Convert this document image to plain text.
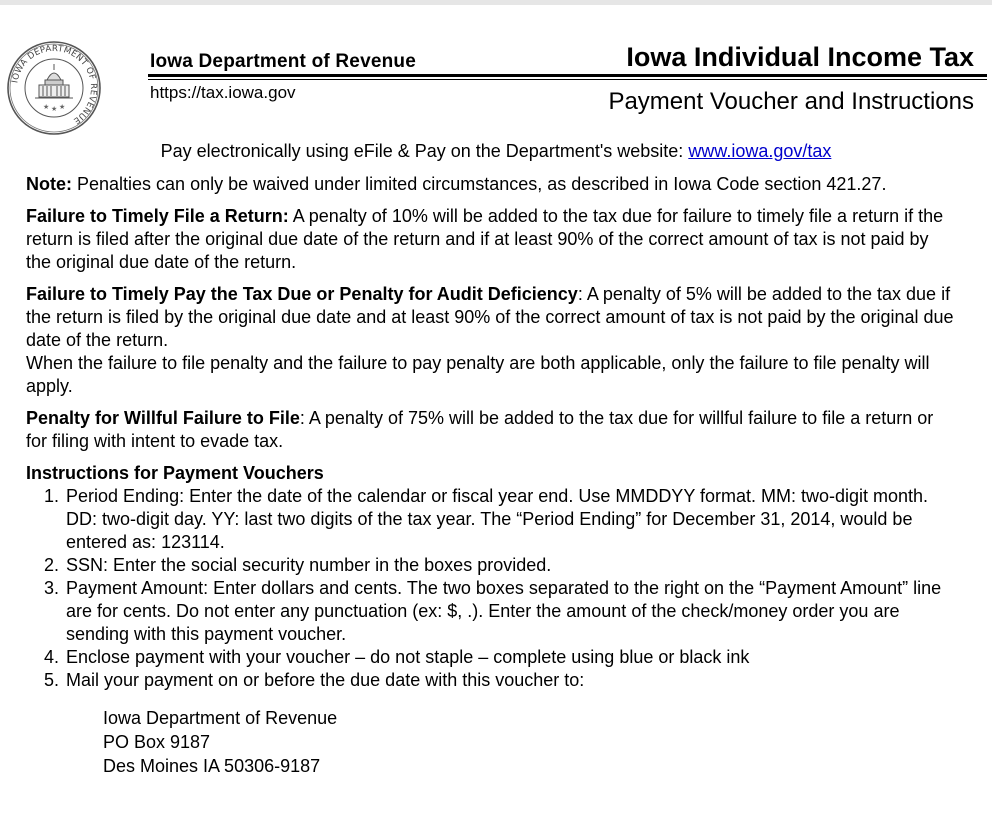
IOWA DEPARTMENT OF REVENUE
★ ★ ★
Iowa Department of Revenue
https://tax.iowa.gov
Iowa Individual Income Tax
Payment Voucher and Instructions
Pay electronically using eFile & Pay on the Department's website: www.iowa.gov/tax

Note: Penalties can only be waived under limited circumstances, as described in Iowa Code section 421.27.

Failure to Timely File a Return: A penalty of 10% will be added to the tax due for failure to timely file a return if the return is filed after the original due date of the return and if at least 90% of the correct amount of tax is not paid by the original due date of the return.

Failure to Timely Pay the Tax Due or Penalty for Audit Deficiency: A penalty of 5% will be added to the tax due if the return is filed by the original due date and at least 90% of the correct amount of tax is not paid by the original due date of the return.

When the failure to file penalty and the failure to pay penalty are both applicable, only the failure to file penalty will apply.

Penalty for Willful Failure to File: A penalty of 75% will be added to the tax due for willful failure to file a return or for filing with intent to evade tax.

Instructions for Payment Vouchers
1. Period Ending: Enter the date of the calendar or fiscal year end. Use MMDDYY format. MM: two-digit month. DD: two-digit day. YY: last two digits of the tax year. The “Period Ending” for December 31, 2014, would be entered as: 123114.
2. SSN: Enter the social security number in the boxes provided.
3. Payment Amount: Enter dollars and cents. The two boxes separated to the right on the “Payment Amount” line are for cents. Do not enter any punctuation (ex: $, .). Enter the amount of the check/money order you are sending with this payment voucher.
4. Enclose payment with your voucher – do not staple – complete using blue or black ink
5. Mail your payment on or before the due date with this voucher to:
Iowa Department of Revenue
PO Box 9187
Des Moines IA 50306-9187
